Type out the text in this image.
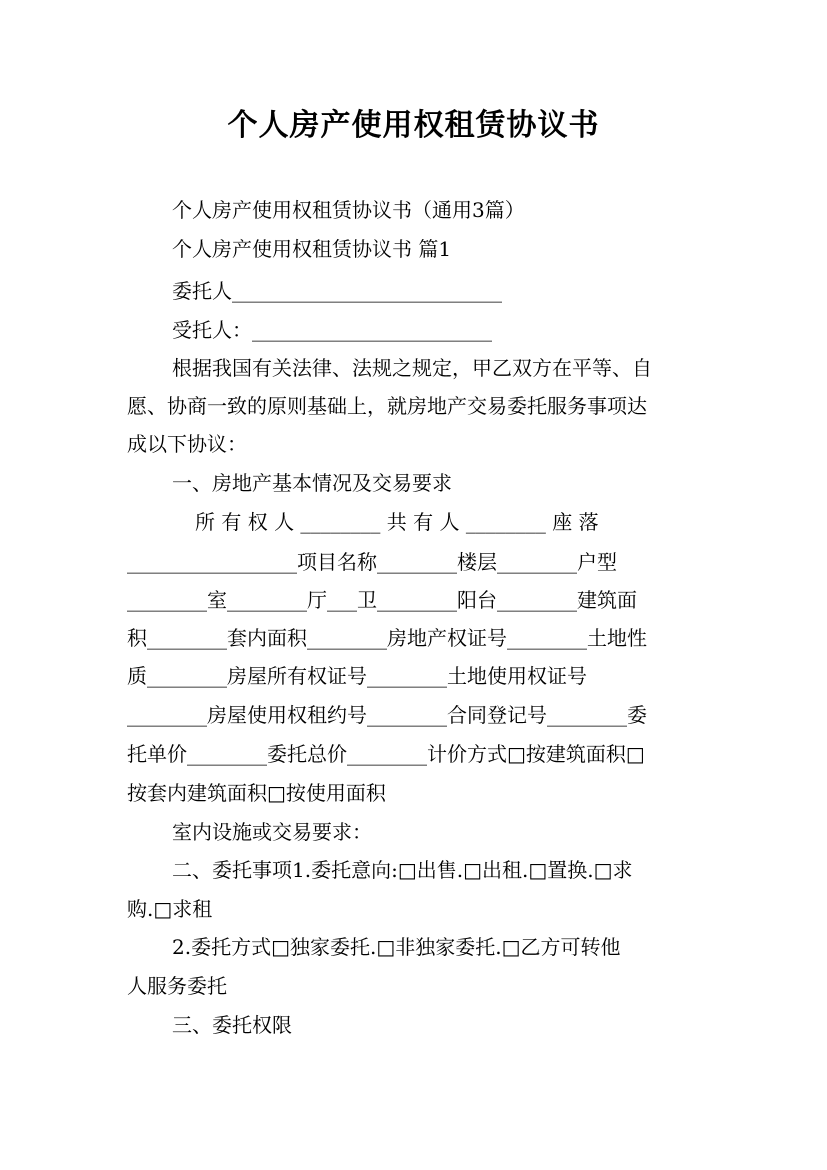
个人房产使用权租赁协议书
个人房产使用权租赁协议书（通用3篇）
个人房产使用权租赁协议书 篇1
委托人___________________________
受托人：________________________
根据我国有关法律、法规之规定，甲乙双方在平等、自
愿、协商一致的原则基础上，就房地产交易委托服务事项达
成以下协议：
一、房地产基本情况及交易要求
所 有 权 人 ________ 共 有 人 ________ 座 落
_________________项目名称________楼层________户型
________室________厅___卫________阳台________建筑面
积________套内面积________房地产权证号________土地性
质________房屋所有权证号________土地使用权证号
________房屋使用权租约号________合同登记号________委
托单价________委托总价________计价方式□按建筑面积□
按套内建筑面积□按使用面积
室内设施或交易要求：
二、委托事项1.委托意向:□出售.□出租.□置换.□求
购.□求租
2.委托方式□独家委托.□非独家委托.□乙方可转他
人服务委托
三、委托权限
